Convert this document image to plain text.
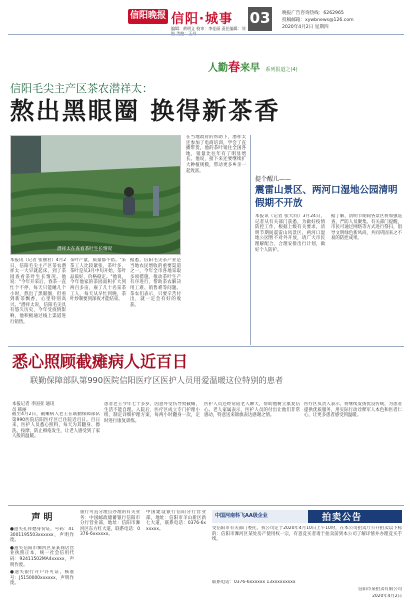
信阳晚报 信阳·城事 03
编辑：黄明义 校审：李佳丽 责任编辑：刘
晚报广告咨询热线：6262965
投稿邮箱：xywbnews@126.com
2020年4月2日 星期四
人勤春来早 系列报道之(4)
信阳毛尖主产区茶农潜祥太：
熬出黑眼圈 换得新茶香
潜祥太在查看茶叶生长情况
本报讯（记者 张丽君）4月2日，信阳毛尖主产区茶农潜祥太一大早就起床，到了茶园查看茶叶生长情况。他说："今年开采后，春茶一直忙个不停，每天只能睡几个小时，熬出了黑眼圈，但看到新茶飘香，心里特别高兴。"潜祥太说，信阳毛尖具有悠久历史，今年受疫情影响，他积极通过线上渠道进行销售。
茶叶产量，质量都不错。"采茶工人比较紧张，茶叶多，茶叶是从3月中旬开始，茶叶品质好，价格稳定。"他说，今年他家的茶园面积扩大到两百多亩，雇了几十名采茶工人，每天从早忙到晚，茶叶炒制要到深夜才能结束。
据悉，信阳毛尖茶产业是当地农民增收的重要渠道之一，今年全市各地采取多项措施，推动茶叶生产有序进行，帮助茶农解决用工难、销售难等问题。茶农们表示，只要辛苦付出，就一定会有好的收获。
在当地政府的帮助下，潜祥太还参加了电商培训，学会了直播带货，他的茶叶销往全国各地，销量比往年有了明显增长。他说，接下来还要继续扩大种植规模，带动更多乡亲一起致富。
提个醒儿——
震雷山景区、两河口湿地公园清明假期不开放
本报讯（记者 张大同）3月24日，记者从有关部门获悉，为做好疫情防控工作，根据上级有关要求，清明节期间震雷山风景区、两河口湿地公园暂不对外开放，请广大市民理解配合，合理安排出行计划，做好个人防护。
据了解，清明节期间各景区将加强巡查，严防人员聚集。有关部门提醒，市民可通过网络等方式进行祭扫，倡导文明绿色新风尚，共同巩固来之不易的防控成果。
悉心照顾截瘫病人近百日
联勤保障部队第990医院信阳医疗区医护人员用爱温暖这位特别的患者
本报记者 李国亚 通讯员 韩丽
截至4月2日，截瘫病人老王在联勤保障部队第990医院信阳医疗区已住院近百日。百日来，医护人员悉心照料，每天为其翻身、擦洗、按摩，防止褥疮发生，让老人感受到了家人般的温暖。
患者老王今年七十多岁，因意外受伤导致截瘫，生活不能自理。入院后，医疗区成立专门护理小组，制定详细护理方案，每两小时翻身一次，定时进行康复训练。
医护人员还经常陪老人聊天，帮助他树立康复信心。老人家属表示，医护人员的付出让他们非常感动，特意送来锦旗表达感谢之情。
医疗区负责人表示，将继续发扬优良传统，为患者提供优质服务，用实际行动诠释军人本色和医者仁心，让更多患者感受到温暖。
声 明
●遗失孔祥德身份证，号码：413001195503xxxxxx，声明作废。
●遗失信阳市浉河区某某商店营业执照正本，统一社会信用代码：92411502MA4xxxxx，声明作废。
●遗失银行开户许可证，核准号：J5150000xxxxxx，声明作废。
银行可直分理点办理的有关业务：中国邮政储蓄银行信阳市分行营业部，地址：信阳市浉河区东方红大道，联系电话：0376-6xxxxxx。
中国建设银行信阳分行营业部，地址：信阳市羊山新区新七大道，联系电话：0376-6xxxxxx。
中国河南科飞AA级企业	拍卖公告
受信阳市有关部门委托，我公司定于2020年4月10日上午10时，在本公司拍卖厅公开拍卖以下标的：信阳市浉河区某处房产使用权一宗，有意竞买者请于拍卖前到本公司了解详情并办理竞买手续。
联系电话：0376-6xxxxxx 13xxxxxxxxx
信阳市某拍卖有限公司
2020年4月2日
